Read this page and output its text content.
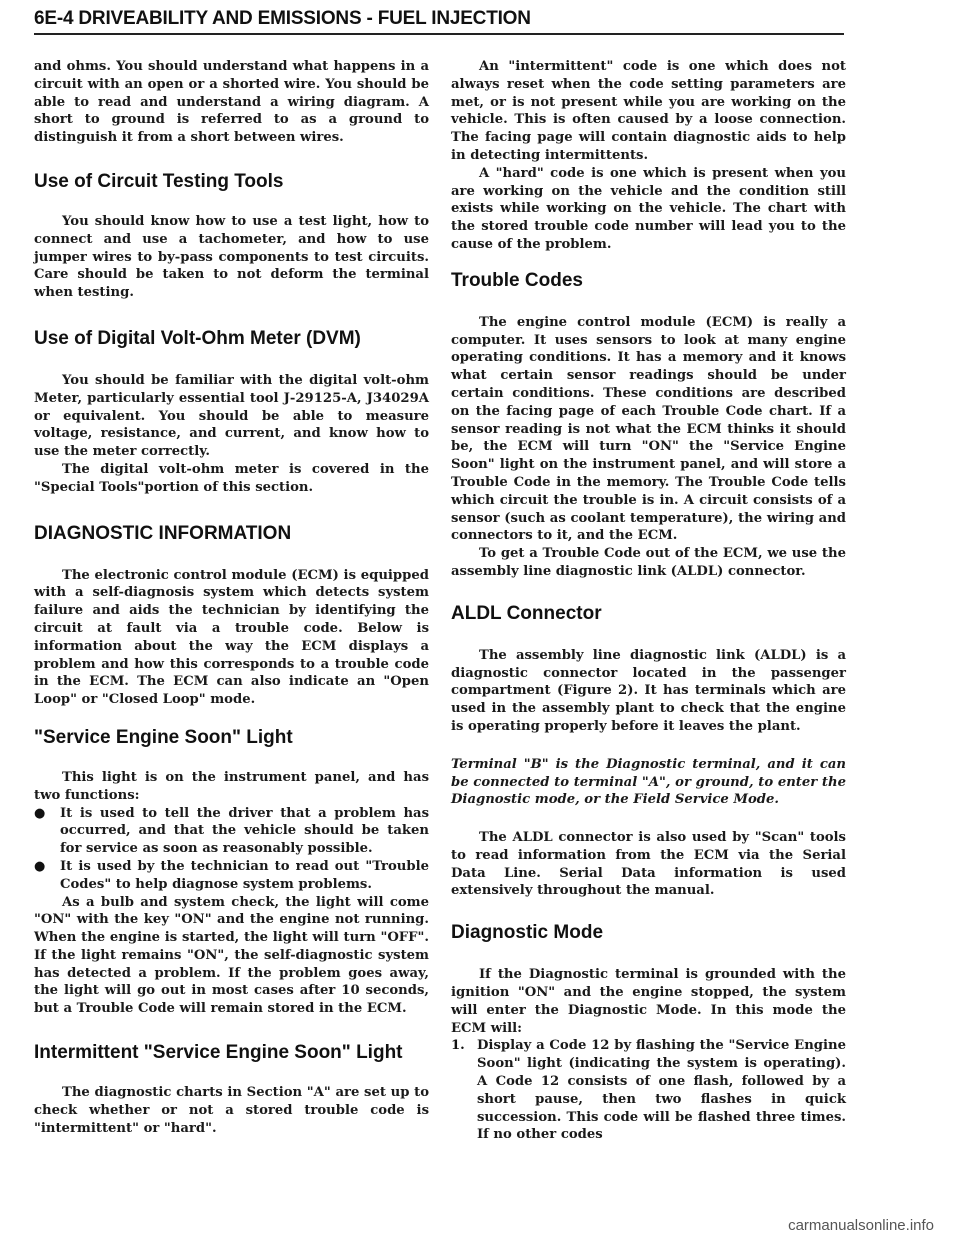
6E-4 DRIVEABILITY AND EMISSIONS - FUEL INJECTION

and ohms. You should understand what happens in a circuit with an open or a shorted wire. You should be able to read and understand a wiring diagram. A short to ground is referred to as a ground to distinguish it from a short between wires.

Use of Circuit Testing Tools

You should know how to use a test light, how to connect and use a tachometer, and how to use jumper wires to by-pass components to test circuits. Care should be taken to not deform the terminal when testing.

Use of Digital Volt-Ohm Meter (DVM)

You should be familiar with the digital volt-ohm Meter, particularly essential tool J-29125-A, J34029A or equivalent. You should be able to measure voltage, resistance, and current, and know how to use the meter correctly.

The digital volt-ohm meter is covered in the "Special Tools"portion of this section.

DIAGNOSTIC INFORMATION

The electronic control module (ECM) is equipped with a self-diagnosis system which detects system failure and aids the technician by identifying the circuit at fault via a trouble code. Below is information about the way the ECM displays a problem and how this corresponds to a trouble code in the ECM. The ECM can also indicate an "Open Loop" or "Closed Loop" mode.

"Service Engine Soon" Light

This light is on the instrument panel, and has two functions:

●	It is used to tell the driver that a problem has occurred, and that the vehicle should be taken for service as soon as reasonably possible.

●	It is used by the technician to read out "Trouble Codes" to help diagnose system problems.

As a bulb and system check, the light will come "ON" with the key "ON" and the engine not running. When the engine is started, the light will turn "OFF". If the light remains "ON", the self-diagnostic system has detected a problem. If the problem goes away, the light will go out in most cases after 10 seconds, but a Trouble Code will remain stored in the ECM.

Intermittent "Service Engine Soon" Light

The diagnostic charts in Section "A" are set up to check whether or not a stored trouble code is "intermittent" or "hard".

An "intermittent" code is one which does not always reset when the code setting parameters are met, or is not present while you are working on the vehicle. This is often caused by a loose connection. The facing page will contain diagnostic aids to help in detecting intermittents.

A "hard" code is one which is present when you are working on the vehicle and the condition still exists while working on the vehicle. The chart with the stored trouble code number will lead you to the cause of the problem.

Trouble Codes

The engine control module (ECM) is really a computer. It uses sensors to look at many engine operating conditions. It has a memory and it knows what certain sensor readings should be under certain conditions. These conditions are described on the facing page of each Trouble Code chart. If a sensor reading is not what the ECM thinks it should be, the ECM will turn "ON" the "Service Engine Soon" light on the instrument panel, and will store a Trouble Code in the memory. The Trouble Code tells which circuit the trouble is in. A circuit consists of a sensor (such as coolant temperature), the wiring and connectors to it, and the ECM.

To get a Trouble Code out of the ECM, we use the assembly line diagnostic link (ALDL) connector.

ALDL Connector

The assembly line diagnostic link (ALDL) is a diagnostic connector located in the passenger compartment (Figure 2). It has terminals which are used in the assembly plant to check that the engine is operating properly before it leaves the plant.

Terminal "B" is the Diagnostic terminal, and it can be connected to terminal "A", or ground, to enter the Diagnostic mode, or the Field Service Mode.

The ALDL connector is also used by "Scan" tools to read information from the ECM via the Serial Data Line. Serial Data information is used extensively throughout the manual.

Diagnostic Mode

If the Diagnostic terminal is grounded with the ignition "ON" and the engine stopped, the system will enter the Diagnostic Mode. In this mode the ECM will:

1. Display a Code 12 by flashing the "Service Engine Soon" light (indicating the system is operating). A Code 12 consists of one flash, followed by a short pause, then two flashes in quick succession. This code will be flashed three times. If no other codes

carmanualsonline.info
